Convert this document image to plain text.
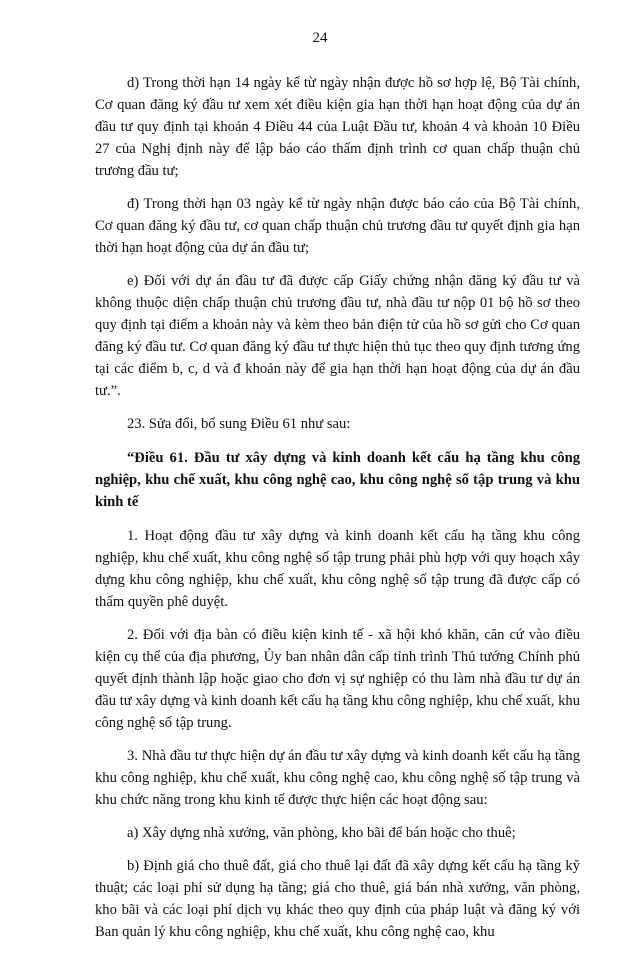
24

d) Trong thời hạn 14 ngày kể từ ngày nhận được hồ sơ hợp lệ, Bộ Tài chính, Cơ quan đăng ký đầu tư xem xét điều kiện gia hạn thời hạn hoạt động của dự án đầu tư quy định tại khoản 4 Điều 44 của Luật Đầu tư, khoản 4 và khoản 10 Điều 27 của Nghị định này để lập báo cáo thẩm định trình cơ quan chấp thuận chủ trương đầu tư;

đ) Trong thời hạn 03 ngày kể từ ngày nhận được báo cáo của Bộ Tài chính, Cơ quan đăng ký đầu tư, cơ quan chấp thuận chủ trương đầu tư quyết định gia hạn thời hạn hoạt động của dự án đầu tư;

e) Đối với dự án đầu tư đã được cấp Giấy chứng nhận đăng ký đầu tư và không thuộc diện chấp thuận chủ trương đầu tư, nhà đầu tư nộp 01 bộ hồ sơ theo quy định tại điểm a khoản này và kèm theo bản điện tử của hồ sơ gửi cho Cơ quan đăng ký đầu tư. Cơ quan đăng ký đầu tư thực hiện thủ tục theo quy định tương ứng tại các điểm b, c, d và đ khoản này để gia hạn thời hạn hoạt động của dự án đầu tư.”.

23. Sửa đổi, bổ sung Điều 61 như sau:

“Điều 61. Đầu tư xây dựng và kinh doanh kết cấu hạ tầng khu công nghiệp, khu chế xuất, khu công nghệ cao, khu công nghệ số tập trung và khu kinh tế

1. Hoạt động đầu tư xây dựng và kinh doanh kết cấu hạ tầng khu công nghiệp, khu chế xuất, khu công nghệ số tập trung phải phù hợp với quy hoạch xây dựng khu công nghiệp, khu chế xuất, khu công nghệ số tập trung đã được cấp có thẩm quyền phê duyệt.

2. Đối với địa bàn có điều kiện kinh tế - xã hội khó khăn, căn cứ vào điều kiện cụ thể của địa phương, Ủy ban nhân dân cấp tỉnh trình Thủ tướng Chính phủ quyết định thành lập hoặc giao cho đơn vị sự nghiệp có thu làm nhà đầu tư dự án đầu tư xây dựng và kinh doanh kết cấu hạ tầng khu công nghiệp, khu chế xuất, khu công nghệ số tập trung.

3. Nhà đầu tư thực hiện dự án đầu tư xây dựng và kinh doanh kết cấu hạ tầng khu công nghiệp, khu chế xuất, khu công nghệ cao, khu công nghệ số tập trung và khu chức năng trong khu kinh tế được thực hiện các hoạt động sau:

a) Xây dựng nhà xưởng, văn phòng, kho bãi để bán hoặc cho thuê;

b) Định giá cho thuê đất, giá cho thuê lại đất đã xây dựng kết cấu hạ tầng kỹ thuật; các loại phí sử dụng hạ tầng; giá cho thuê, giá bán nhà xưởng, văn phòng, kho bãi và các loại phí dịch vụ khác theo quy định của pháp luật và đăng ký với Ban quản lý khu công nghiệp, khu chế xuất, khu công nghệ cao, khu
